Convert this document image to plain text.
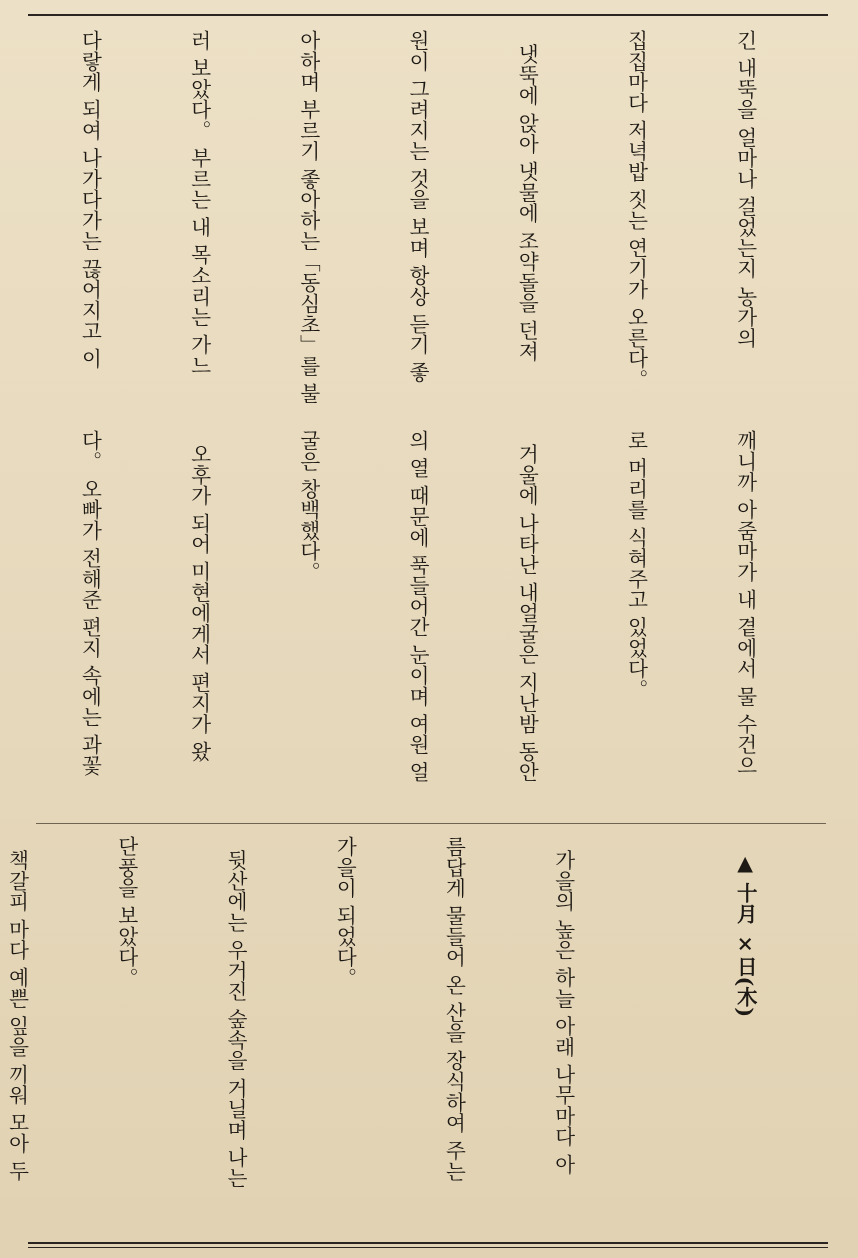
긴 내뚝을 얼마나 걸었는지 농가의

집집마다 저녁밥 짓는 연기가 오른다。

냇뚝에 앉아 냇물에 조약돌을 던져

원이 그려지는 것을 보며 항상 듣기 좋

아하며 부르기 좋아하는「동심초」를 불

러 보았다。 부르는 내 목소리는 가느

다랗게 되여 나가다가는 끊어지고 이

깨니까 아줌마가 내 곁에서 물 수건으

로 머리를 식혀주고 있었다。

거울에 나타난 내얼굴은 지난밤 동안

의 열 때문에 푹들어간 눈이며 여원 얼

굴은 창백했다。

오후가 되어 미현에게서 편지가 왔

다。 오빠가 전해준 편지 속에는 과꽃

▲ 十月 ×日(木)

가을의 높은 하늘 아래 나무마다 아

름답게 물들어 온 산을 장식하여 주는

가을이 되었다。

뒷산에는 우거진 숲속을 거닐며 나는

단풍을 보았다。

책갈피 마다 예쁜 잎을 끼워 모아 두
